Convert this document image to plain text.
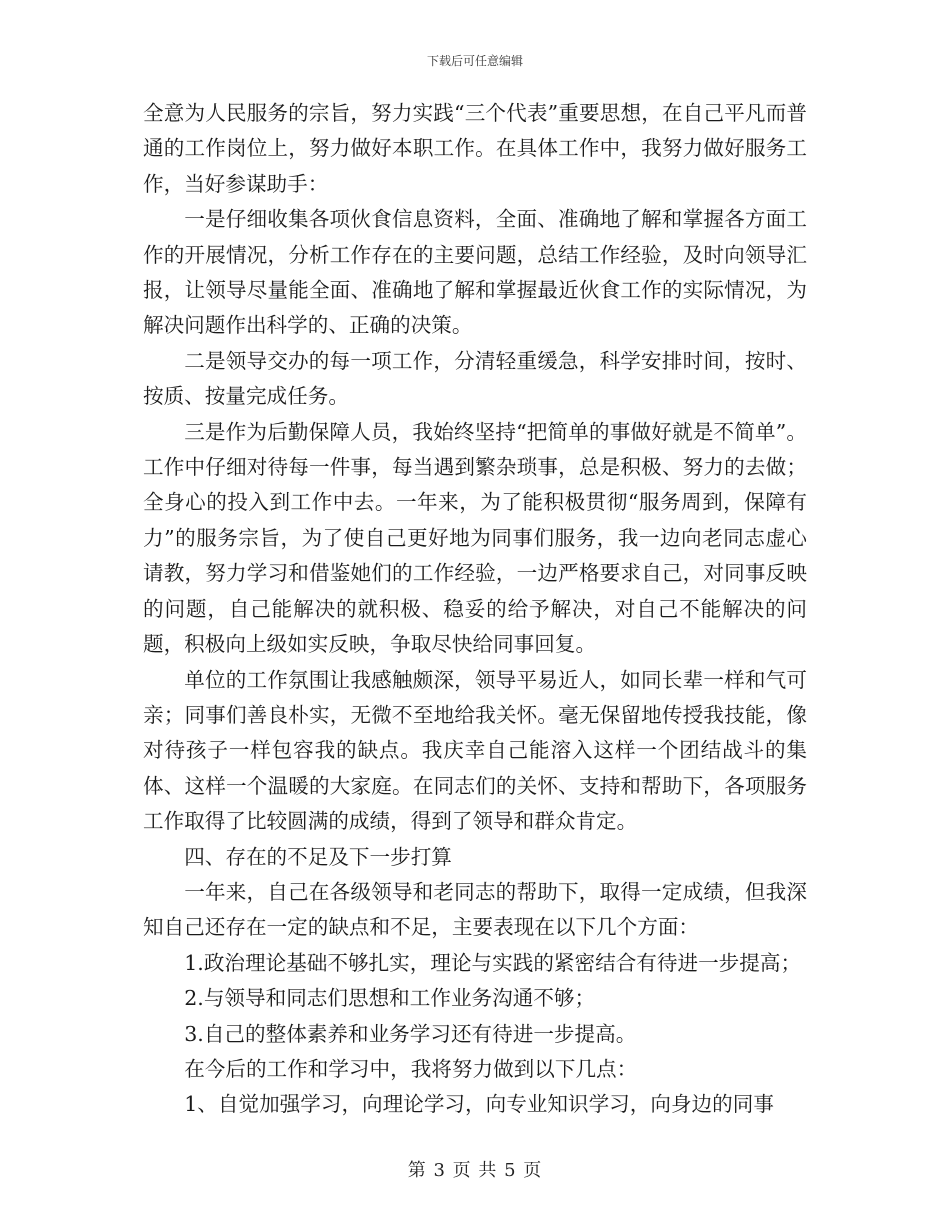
下载后可任意编辑

全意为人民服务的宗旨，努力实践“三个代表”重要思想，在自己平凡而普通的工作岗位上，努力做好本职工作。在具体工作中，我努力做好服务工作，当好参谋助手：

一是仔细收集各项伙食信息资料，全面、准确地了解和掌握各方面工作的开展情况，分析工作存在的主要问题，总结工作经验，及时向领导汇报，让领导尽量能全面、准确地了解和掌握最近伙食工作的实际情况，为解决问题作出科学的、正确的决策。

二是领导交办的每一项工作，分清轻重缓急，科学安排时间，按时、按质、按量完成任务。

三是作为后勤保障人员，我始终坚持“把简单的事做好就是不简单”。工作中仔细对待每一件事，每当遇到繁杂琐事，总是积极、努力的去做；全身心的投入到工作中去。一年来，为了能积极贯彻“服务周到，保障有力”的服务宗旨，为了使自己更好地为同事们服务，我一边向老同志虚心请教，努力学习和借鉴她们的工作经验，一边严格要求自己，对同事反映的问题，自己能解决的就积极、稳妥的给予解决，对自己不能解决的问题，积极向上级如实反映，争取尽快给同事回复。

单位的工作氛围让我感触颇深，领导平易近人，如同长辈一样和气可亲；同事们善良朴实，无微不至地给我关怀。毫无保留地传授我技能，像对待孩子一样包容我的缺点。我庆幸自己能溶入这样一个团结战斗的集体、这样一个温暖的大家庭。在同志们的关怀、支持和帮助下，各项服务工作取得了比较圆满的成绩，得到了领导和群众肯定。

四、存在的不足及下一步打算

一年来，自己在各级领导和老同志的帮助下，取得一定成绩，但我深知自己还存在一定的缺点和不足，主要表现在以下几个方面：

1.政治理论基础不够扎实，理论与实践的紧密结合有待进一步提高；

2.与领导和同志们思想和工作业务沟通不够；

3.自己的整体素养和业务学习还有待进一步提高。

在今后的工作和学习中，我将努力做到以下几点：

1、自觉加强学习，向理论学习，向专业知识学习，向身边的同事

第 3 页 共 5 页
